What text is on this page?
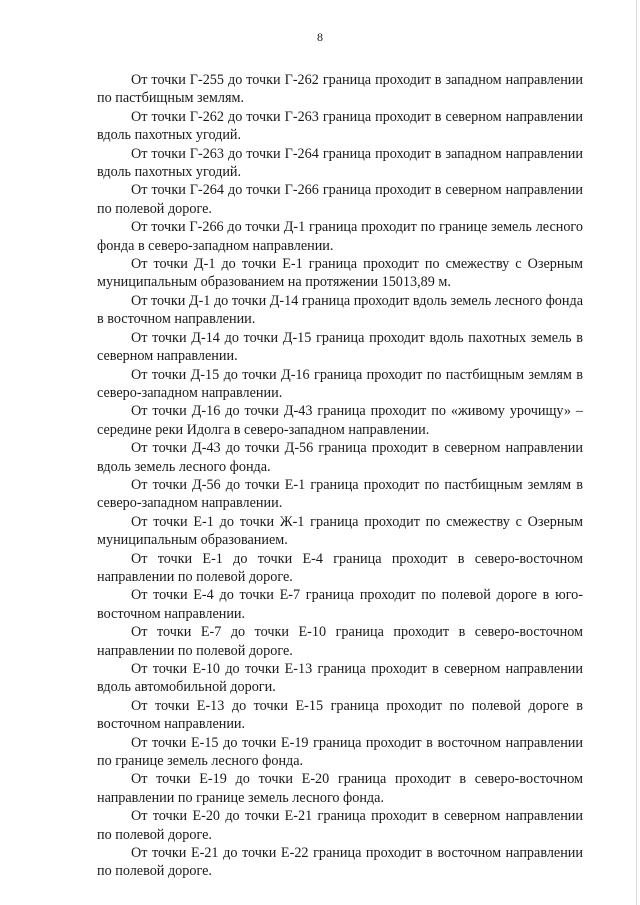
8

От точки Г-255 до точки Г-262 граница проходит в западном направлении по пастбищным землям.

От точки Г-262 до точки Г-263 граница проходит в северном направлении вдоль пахотных угодий.

От точки Г-263 до точки Г-264 граница проходит в западном направлении вдоль пахотных угодий.

От точки Г-264 до точки Г-266 граница проходит в северном направлении по полевой дороге.

От точки Г-266 до точки Д-1 граница проходит по границе земель лесного фонда в северо-западном направлении.

От точки Д-1 до точки Е-1 граница проходит по смежеству с Озерным муниципальным образованием на протяжении 15013,89 м.

От точки Д-1 до точки Д-14 граница проходит вдоль земель лесного фонда в восточном направлении.

От точки Д-14 до точки Д-15 граница проходит вдоль пахотных земель в северном направлении.

От точки Д-15 до точки Д-16 граница проходит по пастбищным землям в северо-западном направлении.

От точки Д-16 до точки Д-43 граница проходит по «живому урочищу» – середине реки Идолга в северо-западном направлении.

От точки Д-43 до точки Д-56 граница проходит в северном направлении вдоль земель лесного фонда.

От точки Д-56 до точки Е-1 граница проходит по пастбищным землям в северо-западном направлении.

От точки Е-1 до точки Ж-1 граница проходит по смежеству с Озерным муниципальным образованием.

От точки Е-1 до точки Е-4 граница проходит в северо-восточном направлении по полевой дороге.

От точки Е-4 до точки Е-7 граница проходит по полевой дороге в юго-восточном направлении.

От точки Е-7 до точки Е-10 граница проходит в северо-восточном направлении по полевой дороге.

От точки Е-10 до точки Е-13 граница проходит в северном направлении вдоль автомобильной дороги.

От точки Е-13 до точки Е-15 граница проходит по полевой дороге в восточном направлении.

От точки Е-15 до точки Е-19 граница проходит в восточном направлении по границе земель лесного фонда.

От точки Е-19 до точки Е-20 граница проходит в северо-восточном направлении по границе земель лесного фонда.

От точки Е-20 до точки Е-21 граница проходит в северном направлении по полевой дороге.

От точки Е-21 до точки Е-22 граница проходит в восточном направлении по полевой дороге.
